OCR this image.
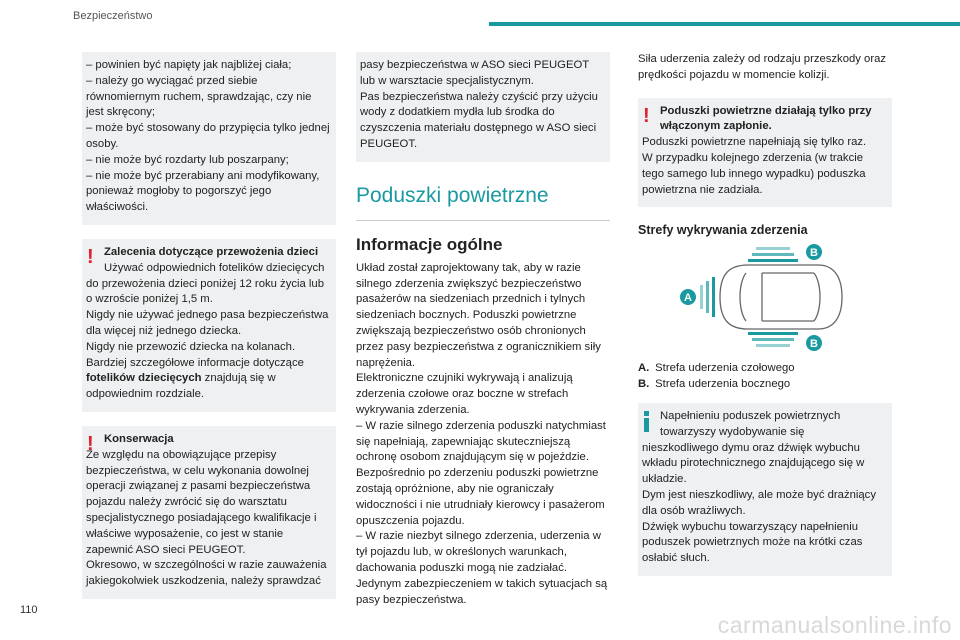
Bezpieczeństwo
– powinien być napięty jak najbliżej ciała;
– należy go wyciągać przed siebie równomiernym ruchem, sprawdzając, czy nie jest skręcony;
– może być stosowany do przypięcia tylko jednej osoby.
– nie może być rozdarty lub poszarpany;
– nie może być przerabiany ani modyfikowany, ponieważ mogłoby to pogorszyć jego właściwości.
! Zalecenia dotyczące przewożenia dzieci
Używać odpowiednich fotelików dziecięcych do przewożenia dzieci poniżej 12 roku życia lub o wzroście poniżej 1,5 m.
Nigdy nie używać jednego pasa bezpieczeństwa dla więcej niż jednego dziecka.
Nigdy nie przewozić dziecka na kolanach.
Bardziej szczegółowe informacje dotyczące fotelików dziecięcych znajdują się w odpowiednim rozdziale.
! Konserwacja
Ze względu na obowiązujące przepisy bezpieczeństwa, w celu wykonania dowolnej operacji związanej z pasami bezpieczeństwa pojazdu należy zwrócić się do warsztatu specjalistycznego posiadającego kwalifikacje i właściwe wyposażenie, co jest w stanie zapewnić ASO sieci PEUGEOT.
Okresowo, w szczególności w razie zauważenia jakiegokolwiek uszkodzenia, należy sprawdzać
pasy bezpieczeństwa w ASO sieci PEUGEOT lub w warsztacie specjalistycznym.
Pas bezpieczeństwa należy czyścić przy użyciu wody z dodatkiem mydła lub środka do czyszczenia materiału dostępnego w ASO sieci PEUGEOT.
Poduszki powietrzne
Informacje ogólne
Układ został zaprojektowany tak, aby w razie silnego zderzenia zwiększyć bezpieczeństwo pasażerów na siedzeniach przednich i tylnych siedzeniach bocznych. Poduszki powietrzne zwiększają bezpieczeństwo osób chronionych przez pasy bezpieczeństwa z ogranicznikiem siły naprężenia.
Elektroniczne czujniki wykrywają i analizują zderzenia czołowe oraz boczne w strefach wykrywania zderzenia.
– W razie silnego zderzenia poduszki natychmiast się napełniają, zapewniając skuteczniejszą ochronę osobom znajdującym się w pojeździe.
Bezpośrednio po zderzeniu poduszki powietrzne zostają opróżnione, aby nie ograniczały widoczności i nie utrudniały kierowcy i pasażerom opuszczenia pojazdu.
– W razie niezbyt silnego zderzenia, uderzenia w tył pojazdu lub, w określonych warunkach, dachowania poduszki mogą nie zadziałać. Jedynym zabezpieczeniem w takich sytuacjach są pasy bezpieczeństwa.
Siła uderzenia zależy od rodzaju przeszkody oraz prędkości pojazdu w momencie kolizji.
! Poduszki powietrzne działają tylko przy włączonym zapłonie.
Poduszki powietrzne napełniają się tylko raz.
W przypadku kolejnego zderzenia (w trakcie tego samego lub innego wypadku) poduszka powietrzna nie zadziała.
Strefy wykrywania zderzenia
A
B
B
A. Strefa uderzenia czołowego
B. Strefa uderzenia bocznego
Napełnieniu poduszek powietrznych towarzyszy wydobywanie się
nieszkodliwego dymu oraz dźwięk wybuchu wkładu pirotechnicznego znajdującego się w układzie.
Dym jest nieszkodliwy, ale może być drażniący dla osób wrażliwych.
Dźwięk wybuchu towarzyszący napełnieniu poduszek powietrznych może na krótki czas osłabić słuch.
110
carmanualsonline.info
